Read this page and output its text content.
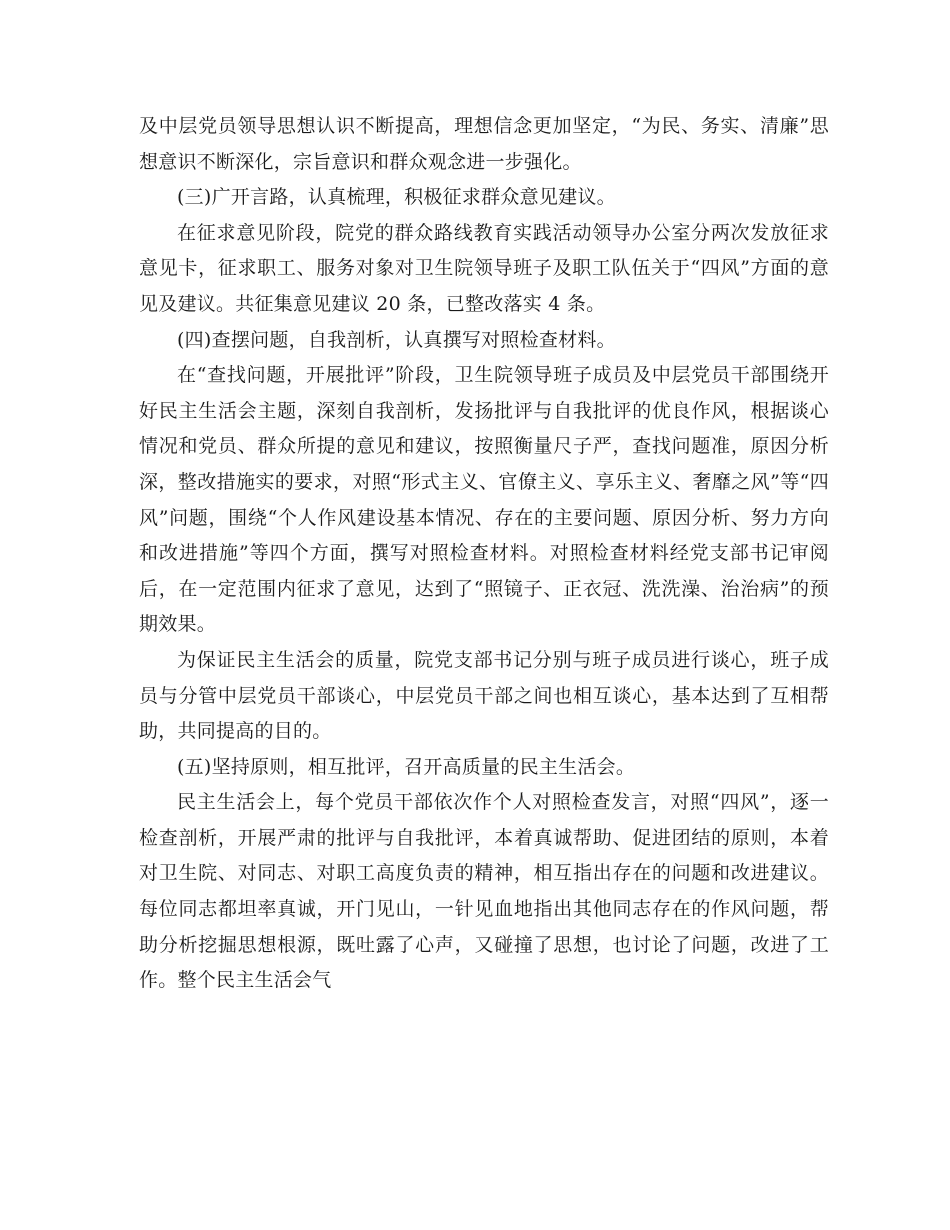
及中层党员领导思想认识不断提高，理想信念更加坚定，“为民、务实、清廉”思想意识不断深化，宗旨意识和群众观念进一步强化。

(三)广开言路，认真梳理，积极征求群众意见建议。

在征求意见阶段，院党的群众路线教育实践活动领导办公室分两次发放征求意见卡，征求职工、服务对象对卫生院领导班子及职工队伍关于“四风”方面的意见及建议。共征集意见建议 20 条，已整改落实 4 条。

(四)查摆问题，自我剖析，认真撰写对照检查材料。

在“查找问题，开展批评”阶段，卫生院领导班子成员及中层党员干部围绕开好民主生活会主题，深刻自我剖析，发扬批评与自我批评的优良作风，根据谈心情况和党员、群众所提的意见和建议，按照衡量尺子严，查找问题准，原因分析深，整改措施实的要求，对照“形式主义、官僚主义、享乐主义、奢靡之风”等“四风”问题，围绕“个人作风建设基本情况、存在的主要问题、原因分析、努力方向和改进措施”等四个方面，撰写对照检查材料。对照检查材料经党支部书记审阅后，在一定范围内征求了意见，达到了“照镜子、正衣冠、洗洗澡、治治病”的预期效果。

为保证民主生活会的质量，院党支部书记分别与班子成员进行谈心，班子成员与分管中层党员干部谈心，中层党员干部之间也相互谈心，基本达到了互相帮助，共同提高的目的。

(五)坚持原则，相互批评，召开高质量的民主生活会。

民主生活会上，每个党员干部依次作个人对照检查发言，对照“四风”，逐一检查剖析，开展严肃的批评与自我批评，本着真诚帮助、促进团结的原则，本着对卫生院、对同志、对职工高度负责的精神，相互指出存在的问题和改进建议。每位同志都坦率真诚，开门见山，一针见血地指出其他同志存在的作风问题，帮助分析挖掘思想根源，既吐露了心声，又碰撞了思想，也讨论了问题，改进了工作。整个民主生活会气
